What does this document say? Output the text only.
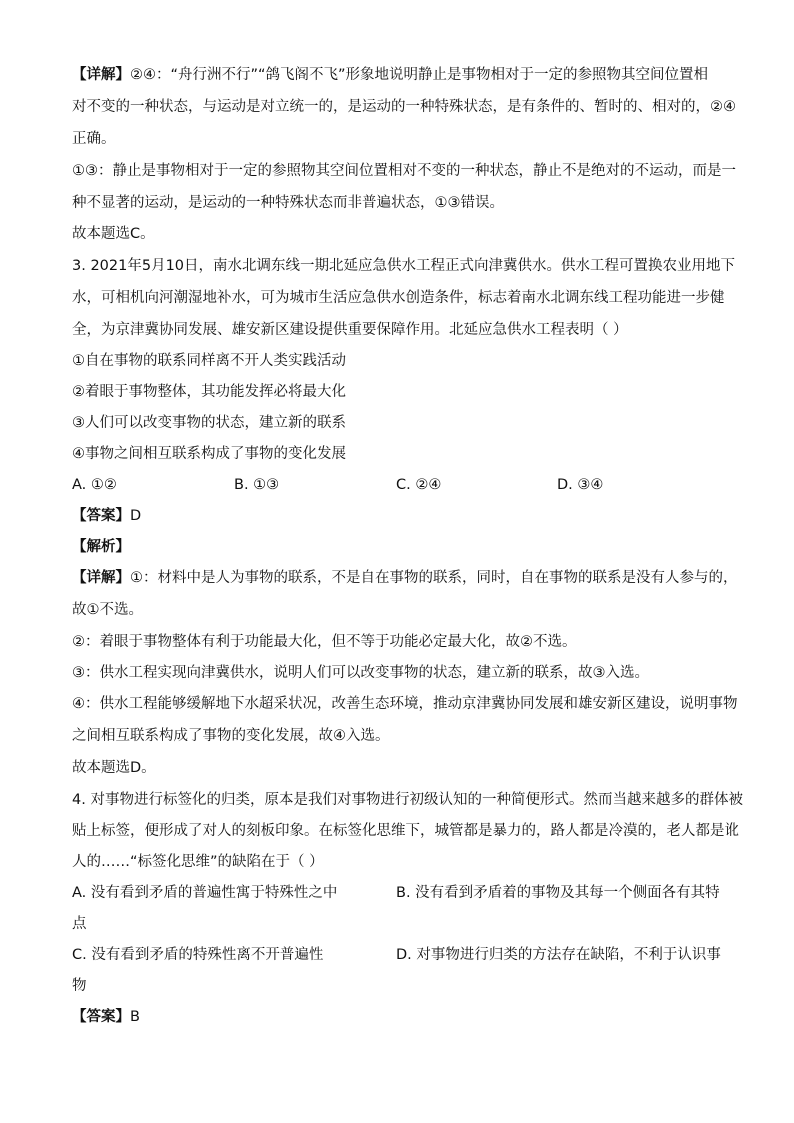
【详解】②④：“舟行洲不行”“鸽飞阁不飞”形象地说明静止是事物相对于一定的参照物其空间位置相
对不变的一种状态，与运动是对立统一的，是运动的一种特殊状态，是有条件的、暂时的、相对的，②④
正确。
①③：静止是事物相对于一定的参照物其空间位置相对不变的一种状态，静止不是绝对的不运动，而是一
种不显著的运动，是运动的一种特殊状态而非普遍状态，①③错误。
故本题选C。
3. 2021年5月10日，南水北调东线一期北延应急供水工程正式向津冀供水。供水工程可置换农业用地下
水，可相机向河潮湿地补水，可为城市生活应急供水创造条件，标志着南水北调东线工程功能进一步健
全，为京津冀协同发展、雄安新区建设提供重要保障作用。北延应急供水工程表明（ ）
①自在事物的联系同样离不开人类实践活动
②着眼于事物整体，其功能发挥必将最大化
③人们可以改变事物的状态，建立新的联系
④事物之间相互联系构成了事物的变化发展
A. ①②	B. ①③	C. ②④	D. ③④
【答案】D
【解析】
【详解】①：材料中是人为事物的联系，不是自在事物的联系，同时，自在事物的联系是没有人参与的，
故①不选。
②：着眼于事物整体有利于功能最大化，但不等于功能必定最大化，故②不选。
③：供水工程实现向津冀供水，说明人们可以改变事物的状态，建立新的联系，故③入选。
④：供水工程能够缓解地下水超采状况，改善生态环境，推动京津冀协同发展和雄安新区建设，说明事物
之间相互联系构成了事物的变化发展，故④入选。
故本题选D。
4. 对事物进行标签化的归类，原本是我们对事物进行初级认知的一种简便形式。然而当越来越多的群体被
贴上标签，便形成了对人的刻板印象。在标签化思维下，城管都是暴力的，路人都是冷漠的，老人都是讹
人的……“标签化思维”的缺陷在于（ ）
A. 没有看到矛盾的普遍性寓于特殊性之中	B. 没有看到矛盾着的事物及其每一个侧面各有其特
点
C. 没有看到矛盾的特殊性离不开普遍性	D. 对事物进行归类的方法存在缺陷，不利于认识事
物
【答案】B
